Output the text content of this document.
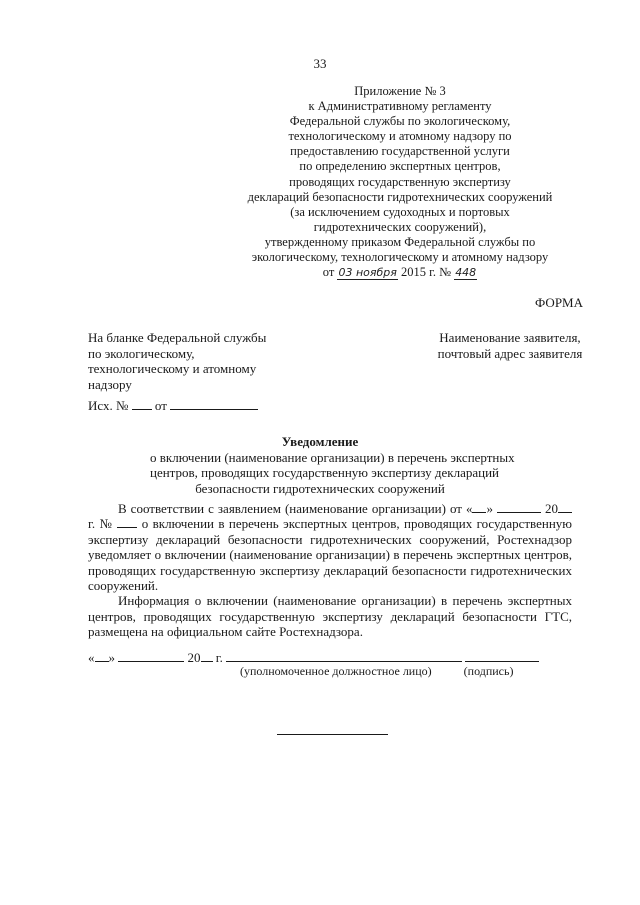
33
Приложение № 3
к Административному регламенту
Федеральной службы по экологическому,
технологическому и атомному надзору по
предоставлению государственной услуги
по определению экспертных центров,
проводящих государственную экспертизу
деклараций безопасности гидротехнических сооружений
(за исключением судоходных и портовых
гидротехнических сооружений),
утвержденному приказом Федеральной службы по
экологическому, технологическому и атомному надзору
от 03 ноября 2015 г. № 448
ФОРМА
На бланке Федеральной службы
по экологическому,
технологическому и атомному
надзору
Наименование заявителя,
почтовый адрес заявителя
Исх. № от
Уведомление
о включении (наименование организации) в перечень экспертных
центров, проводящих государственную экспертизу деклараций
безопасности гидротехнических сооружений

В соответствии с заявлением (наименование организации) от « »	20 г. № о включении в перечень экспертных центров, проводящих государственную экспертизу деклараций безопасности гидротехнических сооружений, Ростехнадзор уведомляет о включении (наименование организации) в перечень экспертных центров, проводящих государственную экспертизу деклараций безопасности гидротехнических сооружений.

Информация о включении (наименование организации) в перечень экспертных центров, проводящих государственную экспертизу деклараций безопасности ГТС, размещена на официальном сайте Ростехнадзора.

« »	20 г.
(уполномоченное должностное лицо)	(подпись)
